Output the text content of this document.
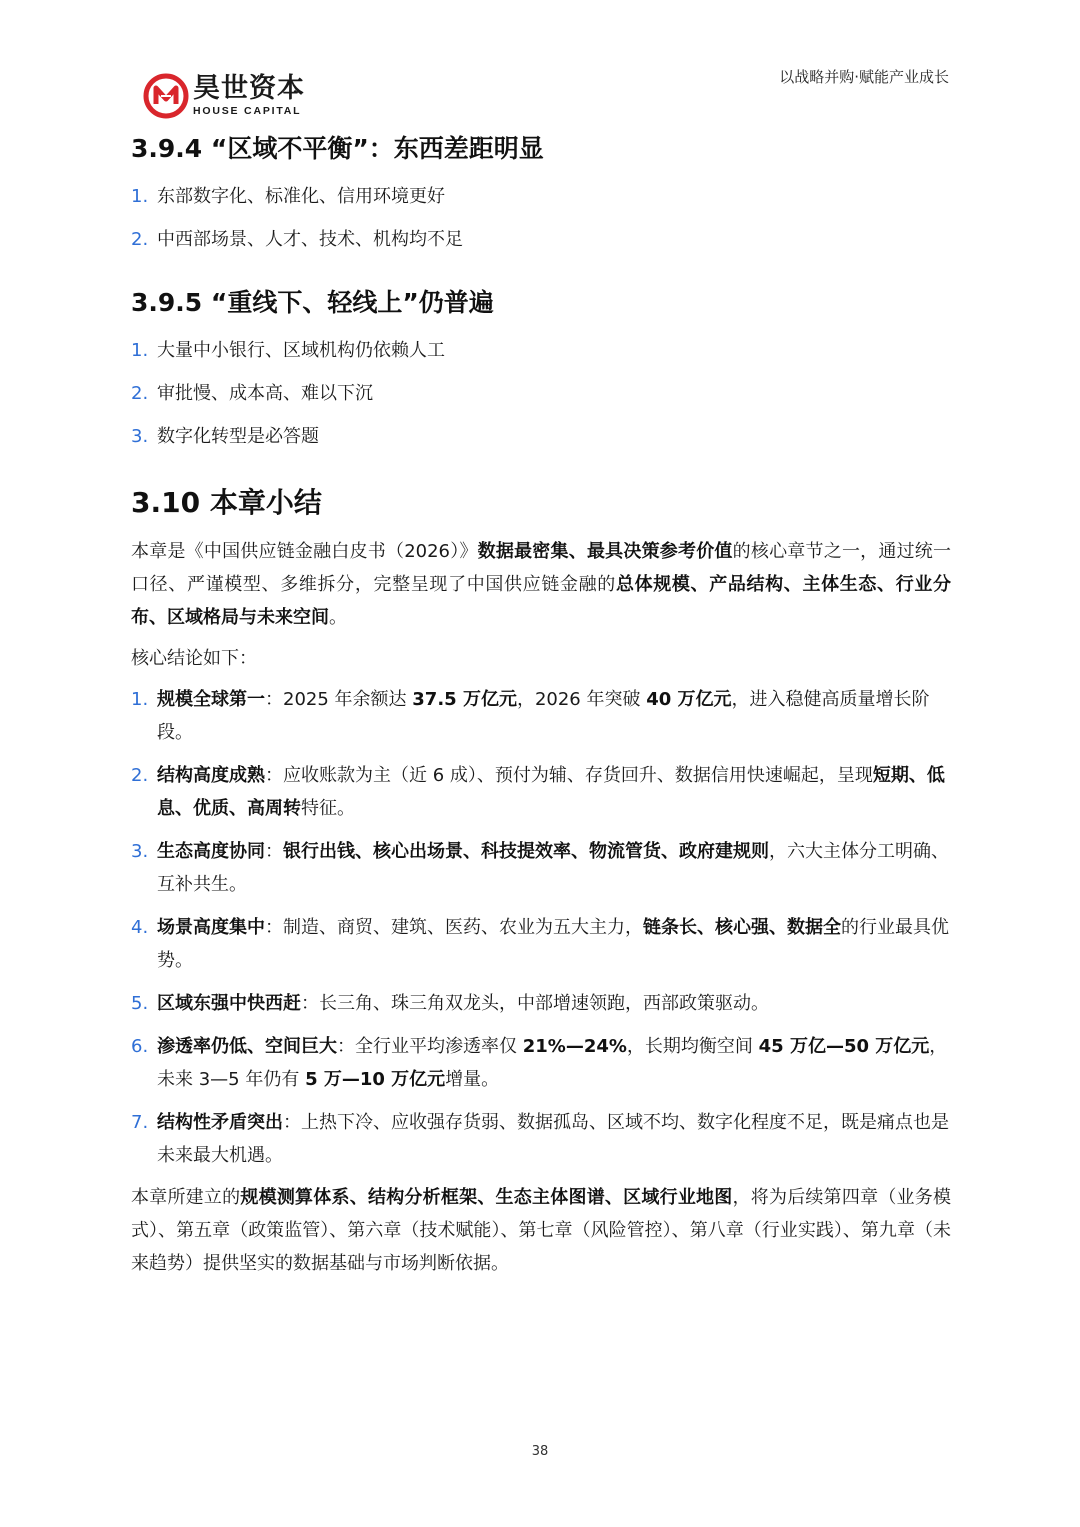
昊世资本
HOUSE CAPITAL
以战略并购·赋能产业成长
3.9.4 “区域不平衡”：东西差距明显
1. 东部数字化、标准化、信用环境更好
2. 中西部场景、人才、技术、机构均不足
3.9.5 “重线下、轻线上”仍普遍
1. 大量中小银行、区域机构仍依赖人工
2. 审批慢、成本高、难以下沉
3. 数字化转型是必答题
3.10 本章小结

本章是《中国供应链金融白皮书（2026）》数据最密集、最具决策参考价值的核心章节之一，通过统一口径、严谨模型、多维拆分，完整呈现了中国供应链金融的总体规模、产品结构、主体生态、行业分布、区域格局与未来空间。

核心结论如下：

1. 规模全球第一：2025 年余额达 37.5 万亿元，2026 年突破 40 万亿元，进入稳健高质量增长阶段。
2. 结构高度成熟：应收账款为主（近 6 成）、预付为辅、存货回升、数据信用快速崛起，呈现短期、低息、优质、高周转特征。
3. 生态高度协同：银行出钱、核心出场景、科技提效率、物流管货、政府建规则，六大主体分工明确、互补共生。
4. 场景高度集中：制造、商贸、建筑、医药、农业为五大主力，链条长、核心强、数据全的行业最具优势。
5. 区域东强中快西赶：长三角、珠三角双龙头，中部增速领跑，西部政策驱动。
6. 渗透率仍低、空间巨大：全行业平均渗透率仅 21%—24%，长期均衡空间 45 万亿—50 万亿元，未来 3—5 年仍有 5 万—10 万亿元增量。
7. 结构性矛盾突出：上热下冷、应收强存货弱、数据孤岛、区域不均、数字化程度不足，既是痛点也是未来最大机遇。

本章所建立的规模测算体系、结构分析框架、生态主体图谱、区域行业地图，将为后续第四章（业务模式）、第五章（政策监管）、第六章（技术赋能）、第七章（风险管控）、第八章（行业实践）、第九章（未来趋势）提供坚实的数据基础与市场判断依据。

38
